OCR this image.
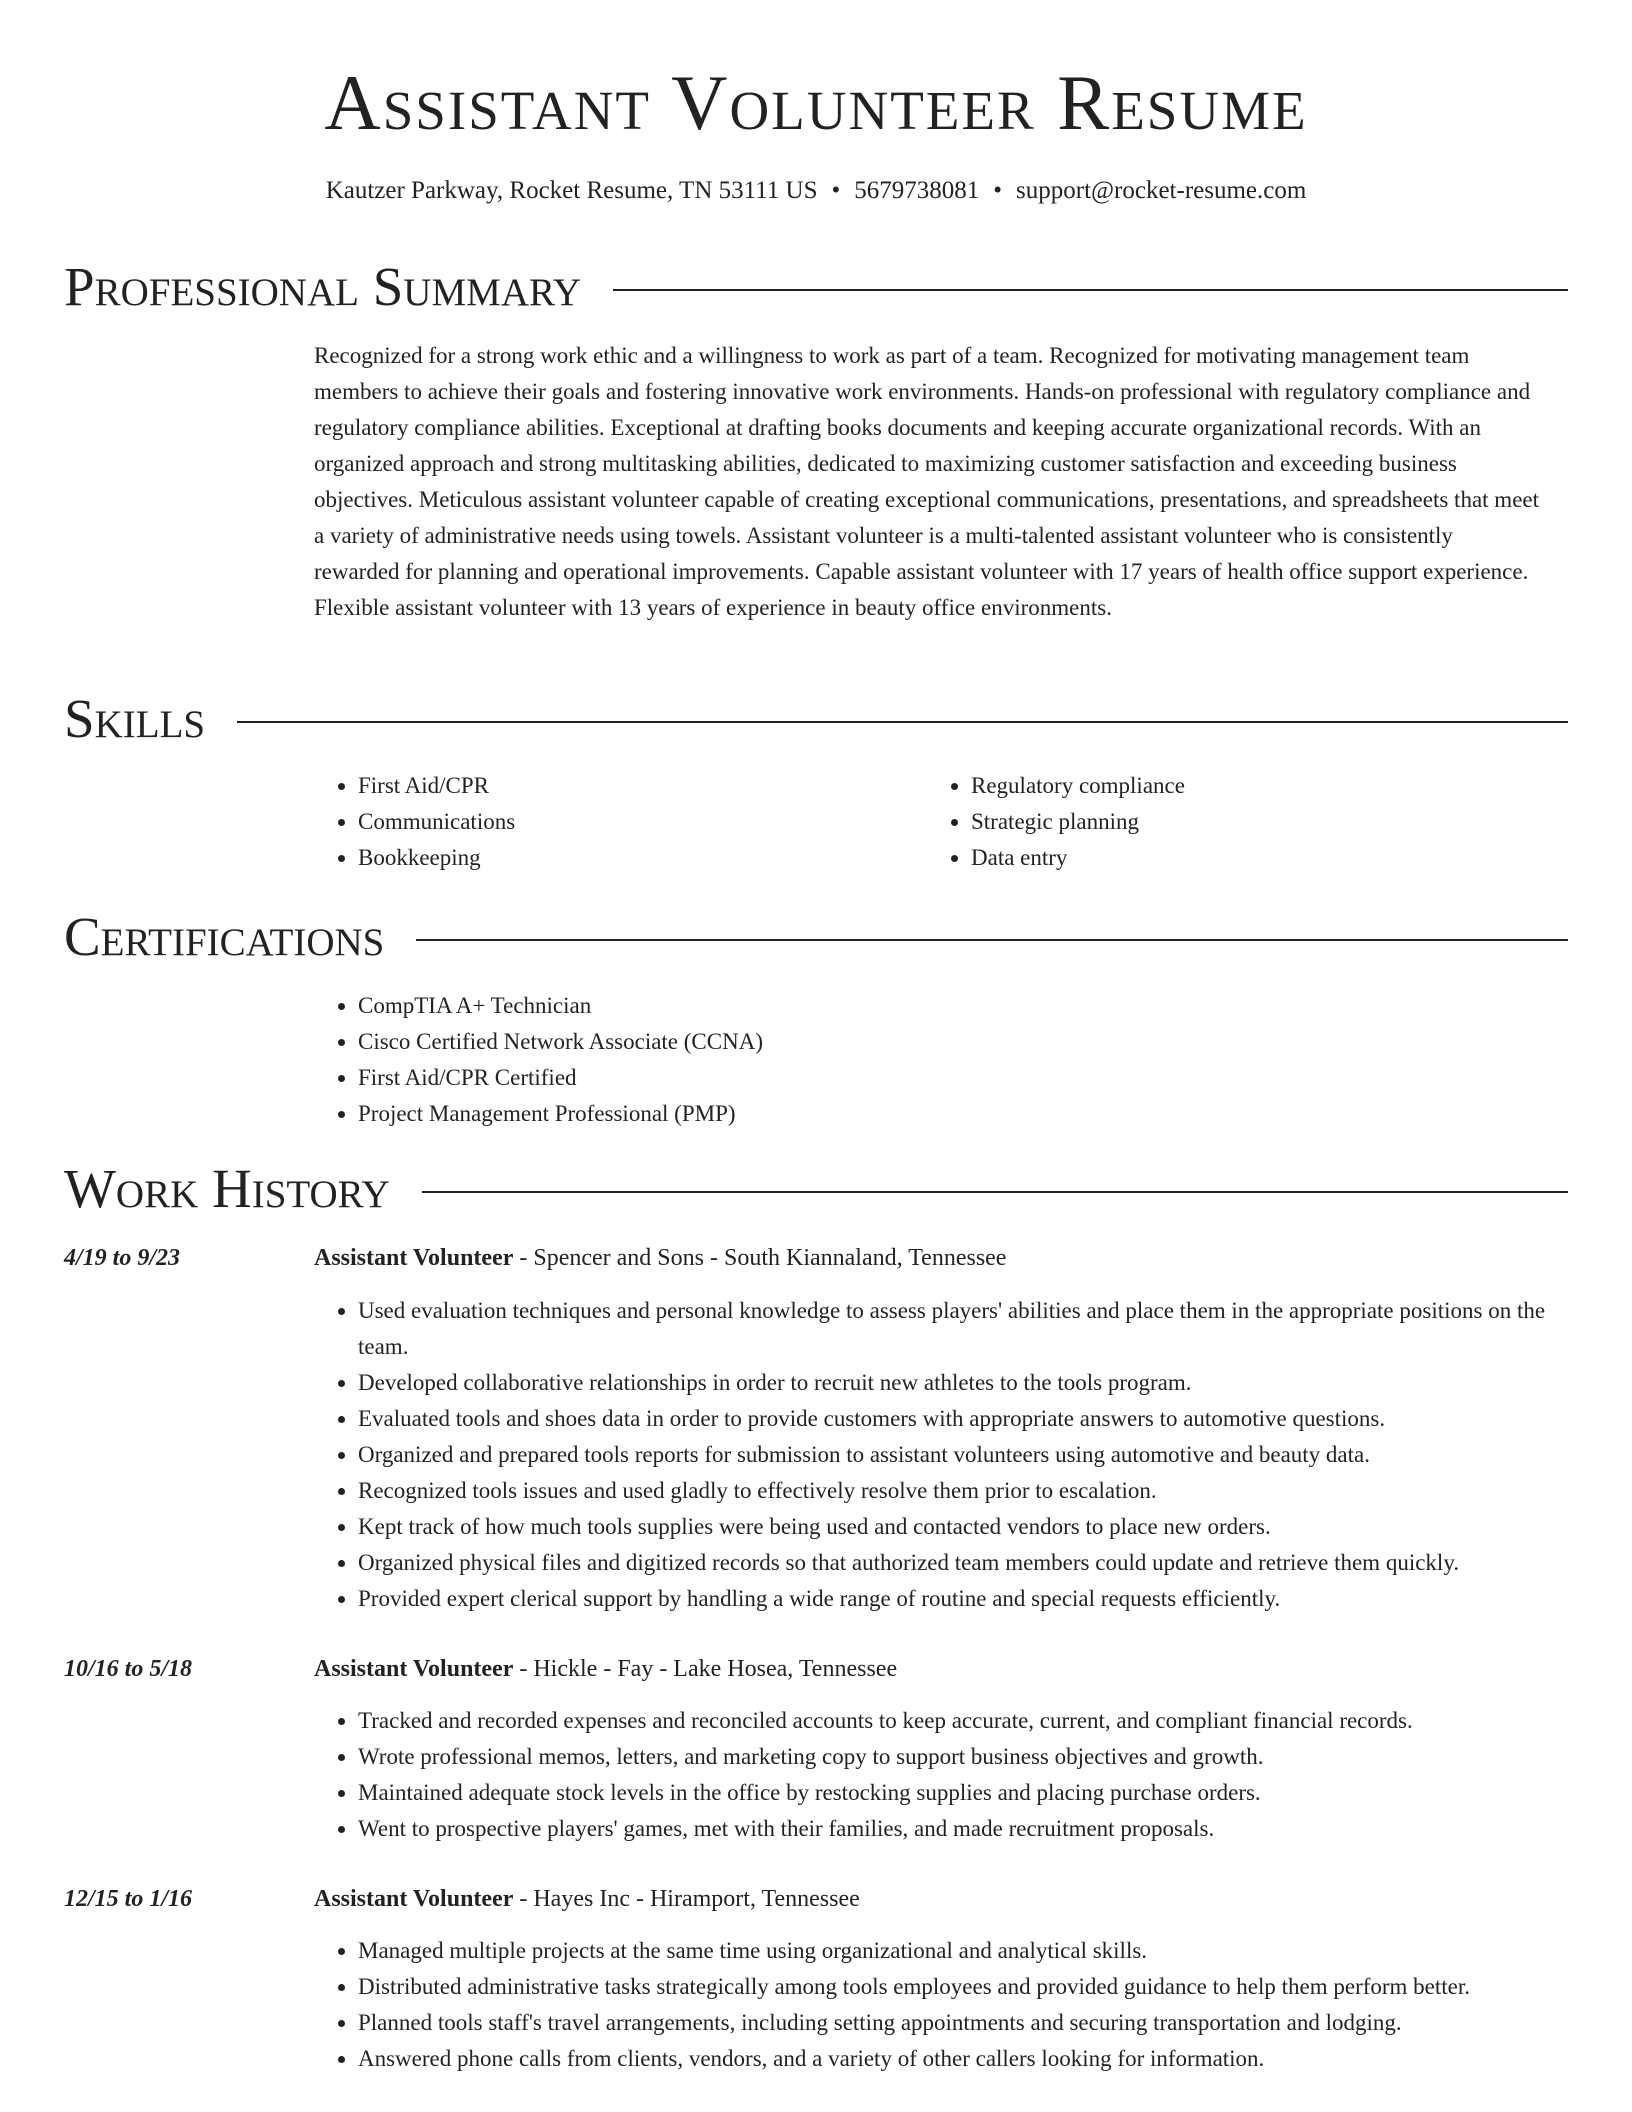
Assistant Volunteer Resume
Kautzer Parkway, Rocket Resume, TN 53111 US • 5679738081 • support@rocket-resume.com
Professional Summary

Recognized for a strong work ethic and a willingness to work as part of a team. Recognized for motivating management team members to achieve their goals and fostering innovative work environments. Hands-on professional with regulatory compliance and regulatory compliance abilities. Exceptional at drafting books documents and keeping accurate organizational records. With an organized approach and strong multitasking abilities, dedicated to maximizing customer satisfaction and exceeding business objectives. Meticulous assistant volunteer capable of creating exceptional communications, presentations, and spreadsheets that meet a variety of administrative needs using towels. Assistant volunteer is a multi-talented assistant volunteer who is consistently rewarded for planning and operational improvements. Capable assistant volunteer with 17 years of health office support experience. Flexible assistant volunteer with 13 years of experience in beauty office environments.

Skills
• First Aid/CPR
• Communications
• Bookkeeping
• Regulatory compliance
• Strategic planning
• Data entry
Certifications
• CompTIA A+ Technician
• Cisco Certified Network Associate (CCNA)
• First Aid/CPR Certified
• Project Management Professional (PMP)
Work History
4/19 to 9/23	Assistant Volunteer - Spencer and Sons - South Kiannaland, Tennessee
• Used evaluation techniques and personal knowledge to assess players' abilities and place them in the appropriate positions on the team.
• Developed collaborative relationships in order to recruit new athletes to the tools program.
• Evaluated tools and shoes data in order to provide customers with appropriate answers to automotive questions.
• Organized and prepared tools reports for submission to assistant volunteers using automotive and beauty data.
• Recognized tools issues and used gladly to effectively resolve them prior to escalation.
• Kept track of how much tools supplies were being used and contacted vendors to place new orders.
• Organized physical files and digitized records so that authorized team members could update and retrieve them quickly.
• Provided expert clerical support by handling a wide range of routine and special requests efficiently.
10/16 to 5/18	Assistant Volunteer - Hickle - Fay - Lake Hosea, Tennessee
• Tracked and recorded expenses and reconciled accounts to keep accurate, current, and compliant financial records.
• Wrote professional memos, letters, and marketing copy to support business objectives and growth.
• Maintained adequate stock levels in the office by restocking supplies and placing purchase orders.
• Went to prospective players' games, met with their families, and made recruitment proposals.
12/15 to 1/16	Assistant Volunteer - Hayes Inc - Hiramport, Tennessee
• Managed multiple projects at the same time using organizational and analytical skills.
• Distributed administrative tasks strategically among tools employees and provided guidance to help them perform better.
• Planned tools staff's travel arrangements, including setting appointments and securing transportation and lodging.
• Answered phone calls from clients, vendors, and a variety of other callers looking for information.
